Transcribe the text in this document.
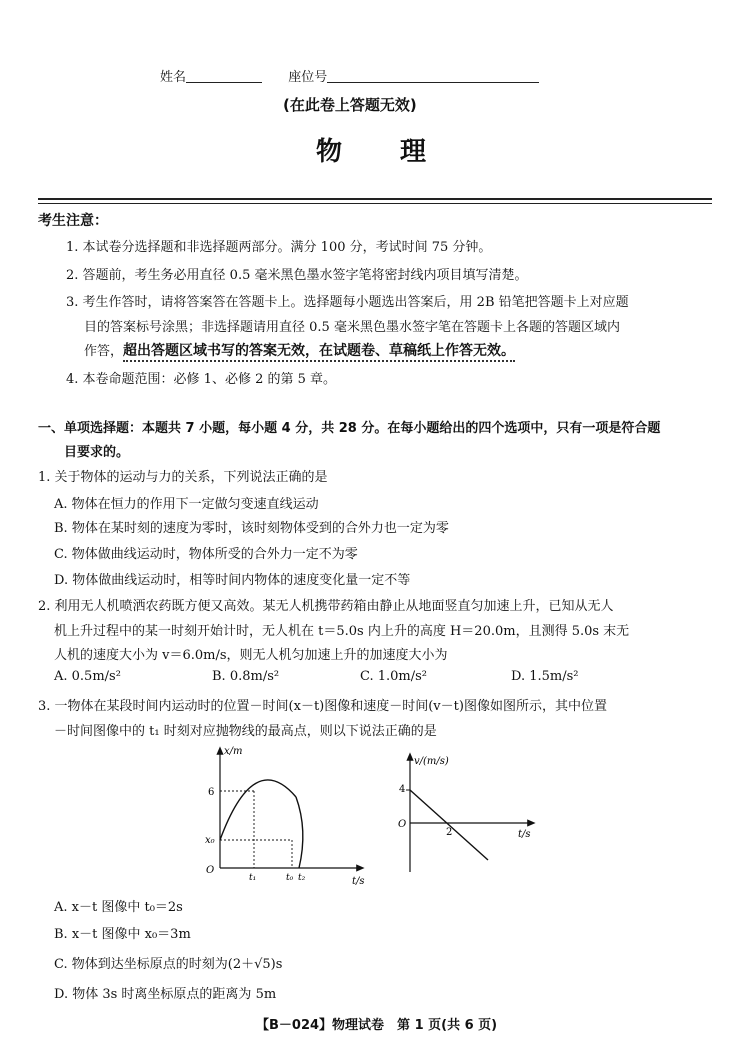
姓名	座位号
(在此卷上答题无效)
物　　理
考生注意：
1. 本试卷分选择题和非选择题两部分。满分 100 分，考试时间 75 分钟。
2. 答题前，考生务必用直径 0.5 毫米黑色墨水签字笔将密封线内项目填写清楚。
3. 考生作答时，请将答案答在答题卡上。选择题每小题选出答案后，用 2B 铅笔把答题卡上对应题
目的答案标号涂黑；非选择题请用直径 0.5 毫米黑色墨水签字笔在答题卡上各题的答题区域内
作答，超出答题区域书写的答案无效，在试题卷、草稿纸上作答无效。
4. 本卷命题范围：必修 1、必修 2 的第 5 章。
一、单项选择题：本题共 7 小题，每小题 4 分，共 28 分。在每小题给出的四个选项中，只有一项是符合题
目要求的。
1. 关于物体的运动与力的关系，下列说法正确的是
A. 物体在恒力的作用下一定做匀变速直线运动
B. 物体在某时刻的速度为零时，该时刻物体受到的合外力也一定为零
C. 物体做曲线运动时，物体所受的合外力一定不为零
D. 物体做曲线运动时，相等时间内物体的速度变化量一定不等
2. 利用无人机喷洒农药既方便又高效。某无人机携带药箱由静止从地面竖直匀加速上升，已知从无人
机上升过程中的某一时刻开始计时，无人机在 t＝5.0s 内上升的高度 H＝20.0m，且测得 5.0s 末无
人机的速度大小为 v＝6.0m/s，则无人机匀加速上升的加速度大小为
A. 0.5m/s²	B. 0.8m/s²	C. 1.0m/s²	D. 1.5m/s²
3. 一物体在某段时间内运动时的位置－时间(x－t)图像和速度－时间(v－t)图像如图所示，其中位置
－时间图像中的 t₁ 时刻对应抛物线的最高点，则以下说法正确的是
x/m
t/s
O
6
x₀
t₁	t₀ t₂
v/(m/s)
t/s
O
4
2
A. x－t 图像中 t₀＝2s
B. x－t 图像中 x₀＝3m
C. 物体到达坐标原点的时刻为(2＋√5)s
D. 物体 3s 时离坐标原点的距离为 5m
【B－024】物理试卷　第 1 页(共 6 页)
